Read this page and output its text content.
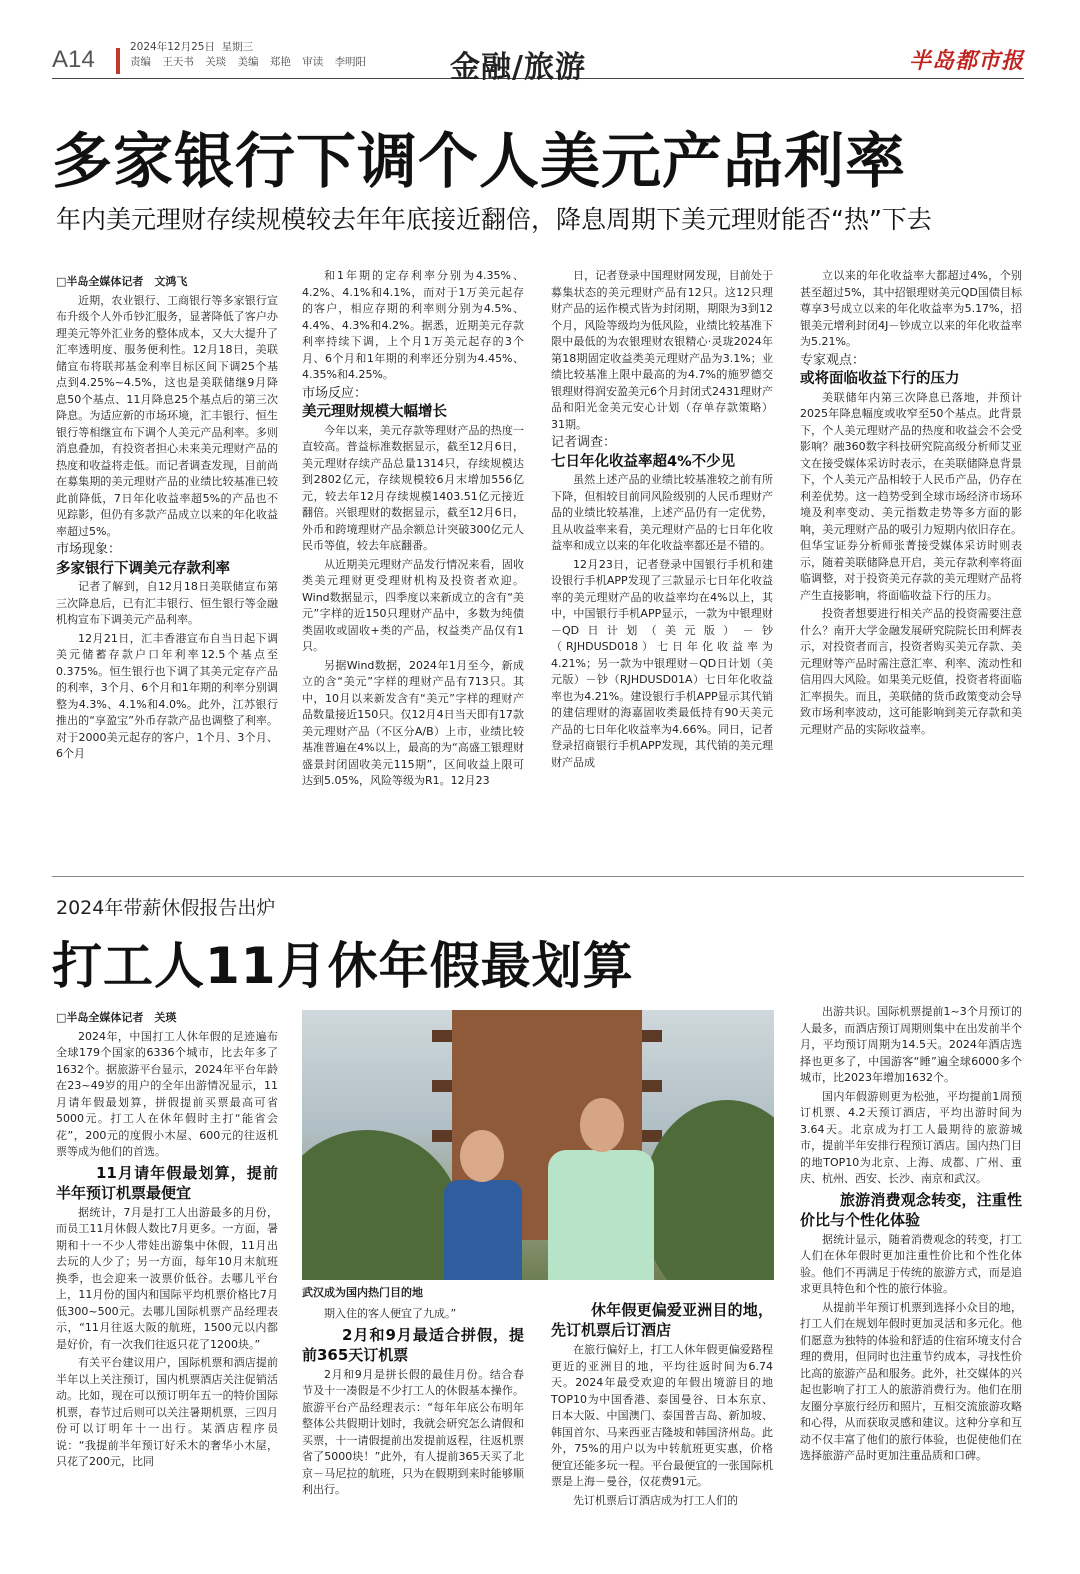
A14	2024年12月25日 星期三
责编 王天书 关琰 美编 郑艳 审读 李明阳	金融/旅游	半岛都市报
多家银行下调个人美元产品利率
年内美元理财存续规模较去年年底接近翻倍，降息周期下美元理财能否“热”下去

□半岛全媒体记者　文鸿飞

近期，农业银行、工商银行等多家银行宣布升级个人外币钞汇服务，显著降低了客户办理美元等外汇业务的整体成本，又大大提升了汇率透明度、服务便利性。12月18日，美联储宣布将联邦基金利率目标区间下调25个基点到4.25%~4.5%，这也是美联储继9月降息50个基点、11月降息25个基点后的第三次降息。为适应新的市场环境，汇丰银行、恒生银行等相继宣布下调个人美元产品利率。多则消息叠加，有投资者担心未来美元理财产品的热度和收益将走低。而记者调查发现，目前尚在募集期的美元理财产品的业绩比较基准已较此前降低，7日年化收益率超5%的产品也不见踪影，但仍有多款产品成立以来的年化收益率超过5%。

市场现象：

多家银行下调美元存款利率

记者了解到，自12月18日美联储宣布第三次降息后，已有汇丰银行、恒生银行等金融机构宣布下调美元产品利率。

12月21日，汇丰香港宣布自当日起下调美元储蓄存款户口年利率12.5个基点至0.375%。恒生银行也下调了其美元定存产品的利率，3个月、6个月和1年期的利率分别调整为4.3%、4.1%和4.0%。此外，江苏银行推出的“享盈宝”外币存款产品也调整了利率。对于2000美元起存的客户，1个月、3个月、6个月

和1年期的定存利率分别为4.35%、4.2%、4.1%和4.1%，而对于1万美元起存的客户，相应存期的利率则分别为4.5%、4.4%、4.3%和4.2%。据悉，近期美元存款利率持续下调，上个月1万美元起存的3个月、6个月和1年期的利率还分别为4.45%、4.35%和4.25%。

市场反应：

美元理财规模大幅增长

今年以来，美元存款等理财产品的热度一直较高。普益标准数据显示，截至12月6日，美元理财存续产品总量1314只，存续规模达到2802亿元，存续规模较6月末增加556亿元，较去年12月存续规模1403.51亿元接近翻倍。兴银理财的数据显示，截至12月6日，外币和跨境理财产品余额总计突破300亿元人民币等值，较去年底翻番。

从近期美元理财产品发行情况来看，固收类美元理财更受理财机构及投资者欢迎。Wind数据显示，四季度以来新成立的含有“美元”字样的近150只理财产品中，多数为纯债类固收或固收+类的产品，权益类产品仅有1只。

另据Wind数据，2024年1月至今，新成立的含“美元”字样的理财产品有713只。其中，10月以来新发含有“美元”字样的理财产品数量接近150只。仅12月4日当天即有17款美元理财产品（不区分A/B）上市，业绩比较基准普遍在4%以上，最高的为“高盛工银理财盛景封闭固收美元115期”，区间收益上限可达到5.05%，风险等级为R1。12月23

日，记者登录中国理财网发现，目前处于募集状态的美元理财产品有12只。这12只理财产品的运作模式皆为封闭期，期限为3到12个月，风险等级均为低风险，业绩比较基准下限中最低的为农银理财农银精心·灵珑2024年第18期固定收益类美元理财产品为3.1%；业绩比较基准上限中最高的为4.7%的施罗德交银理财得润安盈美元6个月封闭式2431理财产品和阳光金美元安心计划（存单存款策略）31期。

记者调查：

七日年化收益率超4%不少见

虽然上述产品的业绩比较基准较之前有所下降，但相较目前同风险级别的人民币理财产品的业绩比较基准，上述产品仍有一定优势，且从收益率来看，美元理财产品的七日年化收益率和成立以来的年化收益率都还是不错的。

12月23日，记者登录中国银行手机和建设银行手机APP发现了三款显示七日年化收益率的美元理财产品的收益率均在4%以上，其中，中国银行手机APP显示，一款为中银理财－QD日计划（美元版）－钞（RJHDUSD018）七日年化收益率为4.21%；另一款为中银理财－QD日计划（美元版）－钞（RJHDUSD01A）七日年化收益率也为4.21%。建设银行手机APP显示其代销的建信理财的海嘉固收类最低持有90天美元产品的七日年化收益率为4.66%。同日，记者登录招商银行手机APP发现，其代销的美元理财产品成

立以来的年化收益率大都超过4%，个别甚至超过5%，其中招银理财美元QD国债目标尊享3号成立以来的年化收益率为5.17%，招银美元增利封闭4J－钞成立以来的年化收益率为5.21%。

专家观点：

或将面临收益下行的压力

美联储年内第三次降息已落地，并预计2025年降息幅度或收窄至50个基点。此背景下，个人美元理财产品的热度和收益会不会受影响？融360数字科技研究院高级分析师艾亚文在接受媒体采访时表示，在美联储降息背景下，个人美元产品相较于人民币产品，仍存在利差优势。这一趋势受到全球市场经济市场环境及利率变动、美元指数走势等多方面的影响，美元理财产品的吸引力短期内依旧存在。但华宝证券分析师张菁接受媒体采访时则表示，随着美联储降息开启，美元存款利率将面临调整，对于投资美元存款的美元理财产品将产生直接影响，将面临收益下行的压力。

投资者想要进行相关产品的投资需要注意什么？南开大学金融发展研究院院长田利辉表示，对投资者而言，投资者购买美元存款、美元理财等产品时需注意汇率、利率、流动性和信用四大风险。如果美元贬值，投资者将面临汇率损失。而且，美联储的货币政策变动会导致市场利率波动，这可能影响到美元存款和美元理财产品的实际收益率。

2024年带薪休假报告出炉
打工人11月休年假最划算

□半岛全媒体记者　关瑛

2024年，中国打工人休年假的足迹遍布全球179个国家的6336个城市，比去年多了1632个。据旅游平台显示，2024年平台年龄在23~49岁的用户的全年出游情况显示，11月请年假最划算，拼假提前买票最高可省5000元。打工人在休年假时主打“能省会花”，200元的度假小木屋、600元的往返机票等成为他们的首选。

11月请年假最划算，提前半年预订机票最便宜

据统计，7月是打工人出游最多的月份，而员工11月休假人数比7月更多。一方面，暑期和十一不少人带娃出游集中休假，11月出去玩的人少了；另一方面，每年10月末航班换季，也会迎来一波票价低谷。去哪儿平台上，11月份的国内和国际平均机票价格比7月低300~500元。去哪儿国际机票产品经理表示，“11月往返大阪的航班，1500元以内都是好价，有一次我们往返只花了1200块。”

有关平台建议用户，国际机票和酒店提前半年以上关注预订，国内机票酒店关注促销活动。比如，现在可以预订明年五一的特价国际机票，春节过后则可以关注暑期机票，三四月份可以订明年十一出行。某酒店程序员说：“我提前半年预订好禾木的奢华小木屋，只花了200元，比同

武汉成为国内热门目的地

期入住的客人便宜了九成。”

2月和9月最适合拼假，提前365天订机票

2月和9月是拼长假的最佳月份。结合春节及十一凑假是不少打工人的休假基本操作。旅游平台产品经理表示：“每年年底公布明年整体公共假期计划时，我就会研究怎么请假和买票，十一请假提前出发提前返程，往返机票省了5000块！”此外，有人提前365天买了北京－马尼拉的航班，只为在假期到来时能够顺利出行。

休年假更偏爱亚洲目的地，先订机票后订酒店

在旅行偏好上，打工人休年假更偏爱路程更近的亚洲目的地，平均往返时间为6.74天。2024年最受欢迎的年假出境游目的地TOP10为中国香港、泰国曼谷、日本东京、日本大阪、中国澳门、泰国普吉岛、新加坡、韩国首尔、马来西亚吉隆坡和韩国济州岛。此外，75%的用户以为中转航班更实惠，价格便宜还能多玩一程。平台最便宜的一张国际机票是上海－曼谷，仅花费91元。

先订机票后订酒店成为打工人们的

出游共识。国际机票提前1~3个月预订的人最多，而酒店预订周期则集中在出发前半个月，平均预订周期为14.5天。2024年酒店选择也更多了，中国游客“睡”遍全球6000多个城市，比2023年增加1632个。

国内年假游则更为松弛，平均提前1周预订机票、4.2天预订酒店，平均出游时间为3.64天。北京成为打工人最期待的旅游城市，提前半年安排行程预订酒店。国内热门目的地TOP10为北京、上海、成都、广州、重庆、杭州、西安、长沙、南京和武汉。

旅游消费观念转变，注重性价比与个性化体验

据统计显示，随着消费观念的转变，打工人们在休年假时更加注重性价比和个性化体验。他们不再满足于传统的旅游方式，而是追求更具特色和个性的旅行体验。

从提前半年预订机票到选择小众目的地，打工人们在规划年假时更加灵活和多元化。他们愿意为独特的体验和舒适的住宿环境支付合理的费用，但同时也注重节约成本，寻找性价比高的旅游产品和服务。此外，社交媒体的兴起也影响了打工人的旅游消费行为。他们在朋友圈分享旅行经历和照片，互相交流旅游攻略和心得，从而获取灵感和建议。这种分享和互动不仅丰富了他们的旅行体验，也促使他们在选择旅游产品时更加注重品质和口碑。
